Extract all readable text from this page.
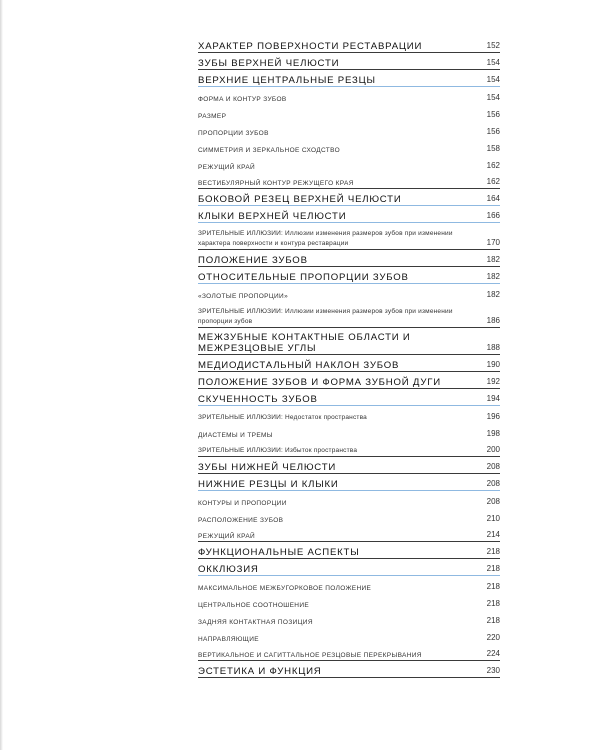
ХАРАКТЕР ПОВЕРХНОСТИ РЕСТАВРАЦИИ	152
ЗУБЫ ВЕРХНЕЙ ЧЕЛЮСТИ	154
ВЕРХНИЕ ЦЕНТРАЛЬНЫЕ РЕЗЦЫ	154
ФОРМА И КОНТУР ЗУБОВ	154
РАЗМЕР	156
ПРОПОРЦИИ ЗУБОВ	156
СИММЕТРИЯ И ЗЕРКАЛЬНОЕ СХОДСТВО	158
РЕЖУЩИЙ КРАЙ	162
ВЕСТИБУЛЯРНЫЙ КОНТУР РЕЖУЩЕГО КРАЯ	162
БОКОВОЙ РЕЗЕЦ ВЕРХНЕЙ ЧЕЛЮСТИ	164
КЛЫКИ ВЕРХНЕЙ ЧЕЛЮСТИ	166
ЗРИТЕЛЬНЫЕ ИЛЛЮЗИИ: Иллюзии изменения размеров зубов при изменении характера поверхности и контура реставрации	170
ПОЛОЖЕНИЕ ЗУБОВ	182
ОТНОСИТЕЛЬНЫЕ ПРОПОРЦИИ ЗУБОВ	182
«ЗОЛОТЫЕ ПРОПОРЦИИ»	182
ЗРИТЕЛЬНЫЕ ИЛЛЮЗИИ: Иллюзии изменения размеров зубов при изменении пропорции зубов	186
МЕЖЗУБНЫЕ КОНТАКТНЫЕ ОБЛАСТИ И МЕЖРЕЗЦОВЫЕ УГЛЫ	188
МЕДИОДИСТАЛЬНЫЙ НАКЛОН ЗУБОВ	190
ПОЛОЖЕНИЕ ЗУБОВ И ФОРМА ЗУБНОЙ ДУГИ	192
СКУЧЕННОСТЬ ЗУБОВ	194
ЗРИТЕЛЬНЫЕ ИЛЛЮЗИИ: Недостаток пространства	196
ДИАСТЕМЫ И ТРЕМЫ	198
ЗРИТЕЛЬНЫЕ ИЛЛЮЗИИ: Избыток пространства	200
ЗУБЫ НИЖНЕЙ ЧЕЛЮСТИ	208
НИЖНИЕ РЕЗЦЫ И КЛЫКИ	208
КОНТУРЫ И ПРОПОРЦИИ	208
РАСПОЛОЖЕНИЕ ЗУБОВ	210
РЕЖУЩИЙ КРАЙ	214
ФУНКЦИОНАЛЬНЫЕ АСПЕКТЫ	218
ОККЛЮЗИЯ	218
МАКСИМАЛЬНОЕ МЕЖБУГОРКОВОЕ ПОЛОЖЕНИЕ	218
ЦЕНТРАЛЬНОЕ СООТНОШЕНИЕ	218
ЗАДНЯЯ КОНТАКТНАЯ ПОЗИЦИЯ	218
НАПРАВЛЯЮЩИЕ	220
ВЕРТИКАЛЬНОЕ И САГИТТАЛЬНОЕ РЕЗЦОВЫЕ ПЕРЕКРЫВАНИЯ	224
ЭСТЕТИКА И ФУНКЦИЯ	230
